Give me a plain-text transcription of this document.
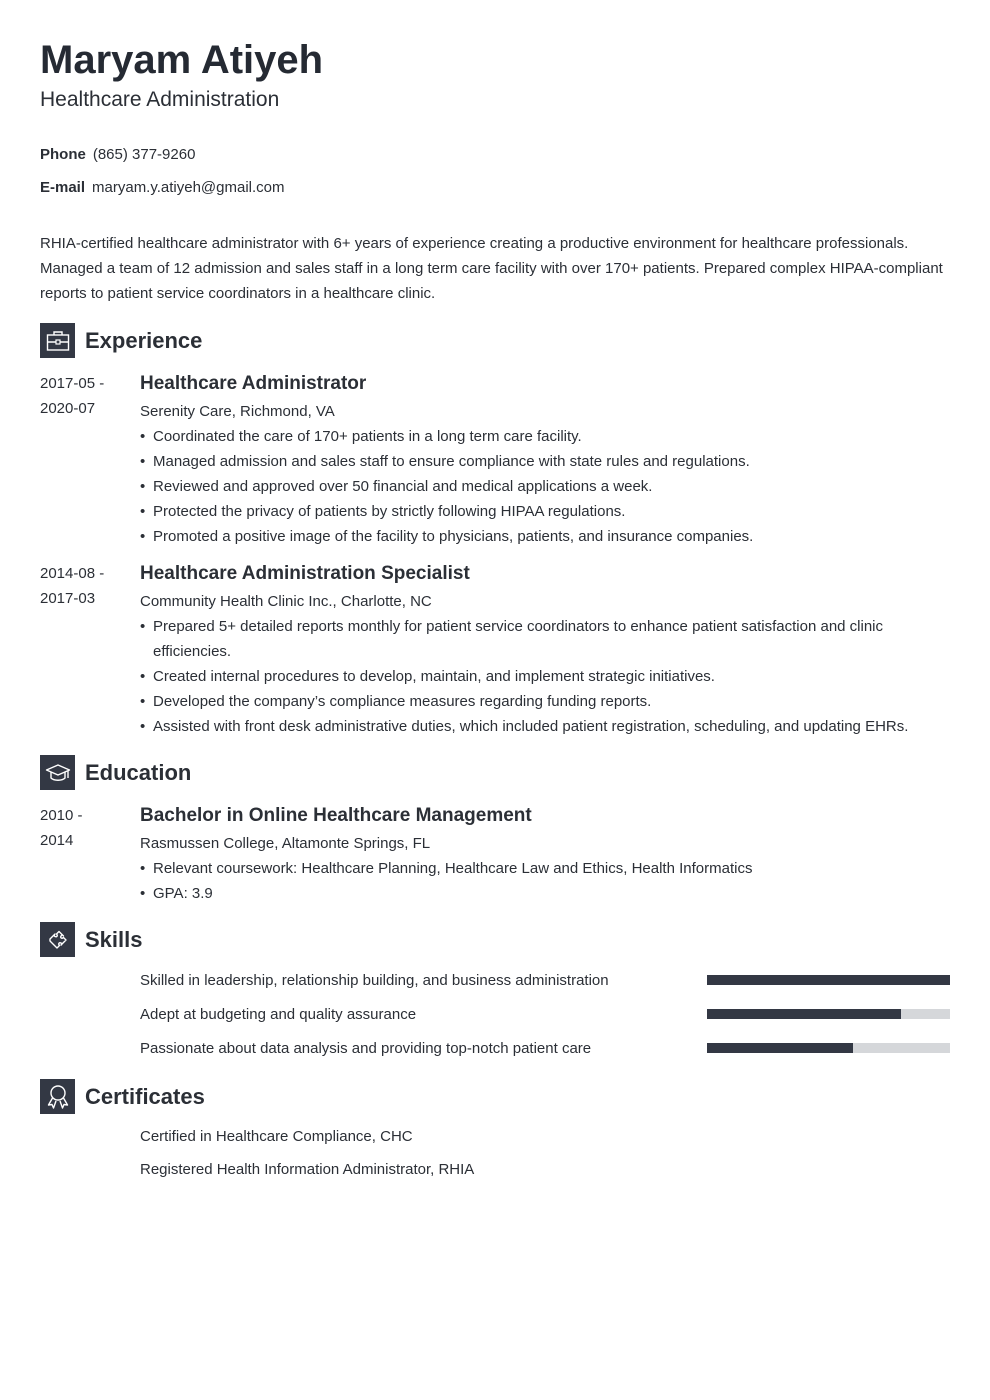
Maryam Atiyeh
Healthcare Administration
Phone (865) 377-9260
E-mail maryam.y.atiyeh@gmail.com
RHIA-certified healthcare administrator with 6+ years of experience creating a productive environment for healthcare professionals. Managed a team of 12 admission and sales staff in a long term care facility with over 170+ patients. Prepared complex HIPAA-compliant reports to patient service coordinators in a healthcare clinic.
Experience
2017-05 -
2020-07
Healthcare Administrator
Serenity Care, Richmond, VA
• Coordinated the care of 170+ patients in a long term care facility.
• Managed admission and sales staff to ensure compliance with state rules and regulations.
• Reviewed and approved over 50 financial and medical applications a week.
• Protected the privacy of patients by strictly following HIPAA regulations.
• Promoted a positive image of the facility to physicians, patients, and insurance companies.
2014-08 -
2017-03
Healthcare Administration Specialist
Community Health Clinic Inc., Charlotte, NC
• Prepared 5+ detailed reports monthly for patient service coordinators to enhance patient satisfaction and clinic efficiencies.
• Created internal procedures to develop, maintain, and implement strategic initiatives.
• Developed the company’s compliance measures regarding funding reports.
• Assisted with front desk administrative duties, which included patient registration, scheduling, and updating EHRs.
Education
2010 -
2014
Bachelor in Online Healthcare Management
Rasmussen College, Altamonte Springs, FL
• Relevant coursework: Healthcare Planning, Healthcare Law and Ethics, Health Informatics
• GPA: 3.9
Skills
Skilled in leadership, relationship building, and business administration
Adept at budgeting and quality assurance
Passionate about data analysis and providing top-notch patient care
Certificates
Certified in Healthcare Compliance, CHC
Registered Health Information Administrator, RHIA
